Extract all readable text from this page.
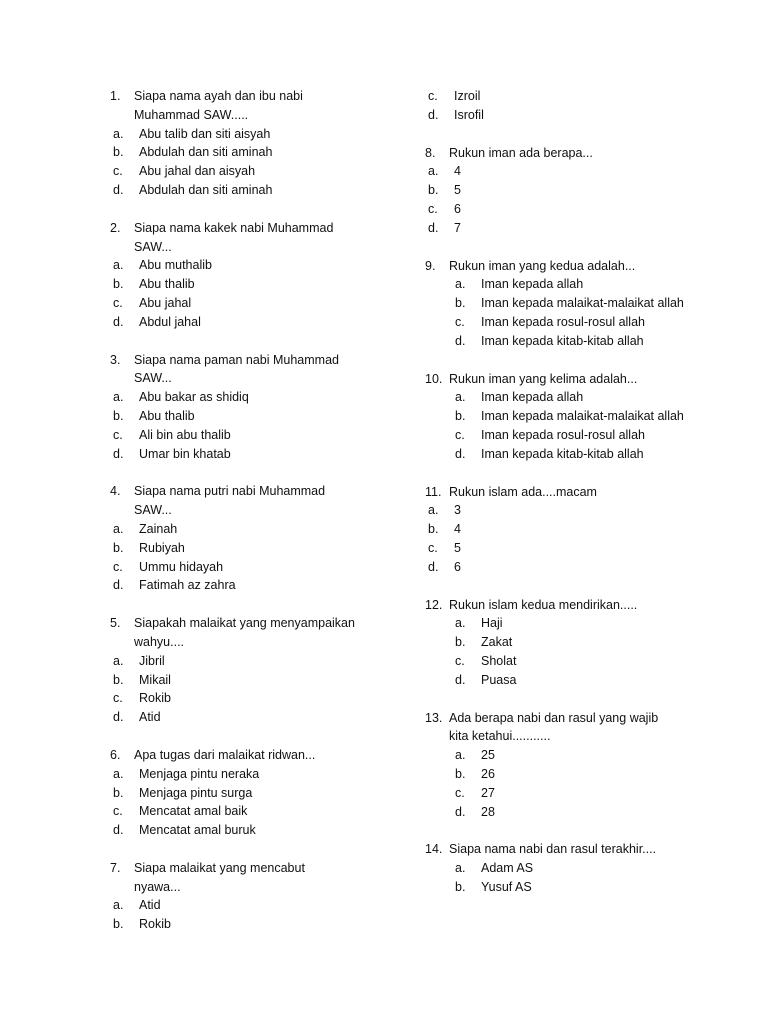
1.	Siapa nama ayah dan ibu nabi
Muhammad SAW.....
a.	Abu talib dan siti aisyah
b.	Abdulah dan siti aminah
c.	Abu jahal dan aisyah
d.	Abdulah dan siti aminah
2.	Siapa nama kakek nabi Muhammad
SAW...
a.	Abu muthalib
b.	Abu thalib
c.	Abu jahal
d.	Abdul jahal
3.	Siapa nama paman nabi Muhammad
SAW...
a.	Abu bakar as shidiq
b.	Abu thalib
c.	Ali bin abu thalib
d.	Umar bin khatab
4.	Siapa nama putri nabi Muhammad
SAW...
a.	Zainah
b.	Rubiyah
c.	Ummu hidayah
d.	Fatimah az zahra
5.	Siapakah malaikat yang menyampaikan
wahyu....
a.	Jibril
b.	Mikail
c.	Rokib
d.	Atid
6.	Apa tugas dari malaikat ridwan...
a.	Menjaga pintu neraka
b.	Menjaga pintu surga
c.	Mencatat amal baik
d.	Mencatat amal buruk
7.	Siapa malaikat yang mencabut
nyawa...
a.	Atid
b.	Rokib
c.	Izroil
d.	Isrofil
8.	Rukun iman ada berapa...
a.	4
b.	5
c.	6
d.	7
9.	Rukun iman yang kedua adalah...
a.	Iman kepada allah
b.	Iman kepada malaikat-malaikat allah
c.	Iman kepada rosul-rosul allah
d.	Iman kepada kitab-kitab allah
10. Rukun iman yang kelima adalah...
a.	Iman kepada allah
b.	Iman kepada malaikat-malaikat allah
c.	Iman kepada rosul-rosul allah
d.	Iman kepada kitab-kitab allah
11. Rukun islam ada....macam
a.	3
b.	4
c.	5
d.	6
12. Rukun islam kedua mendirikan.....
a.	Haji
b.	Zakat
c.	Sholat
d.	Puasa
13. Ada berapa nabi dan rasul yang wajib
kita ketahui...........
a.	25
b.	26
c.	27
d.	28
14. Siapa nama nabi dan rasul terakhir....
a.	Adam AS
b.	Yusuf AS
